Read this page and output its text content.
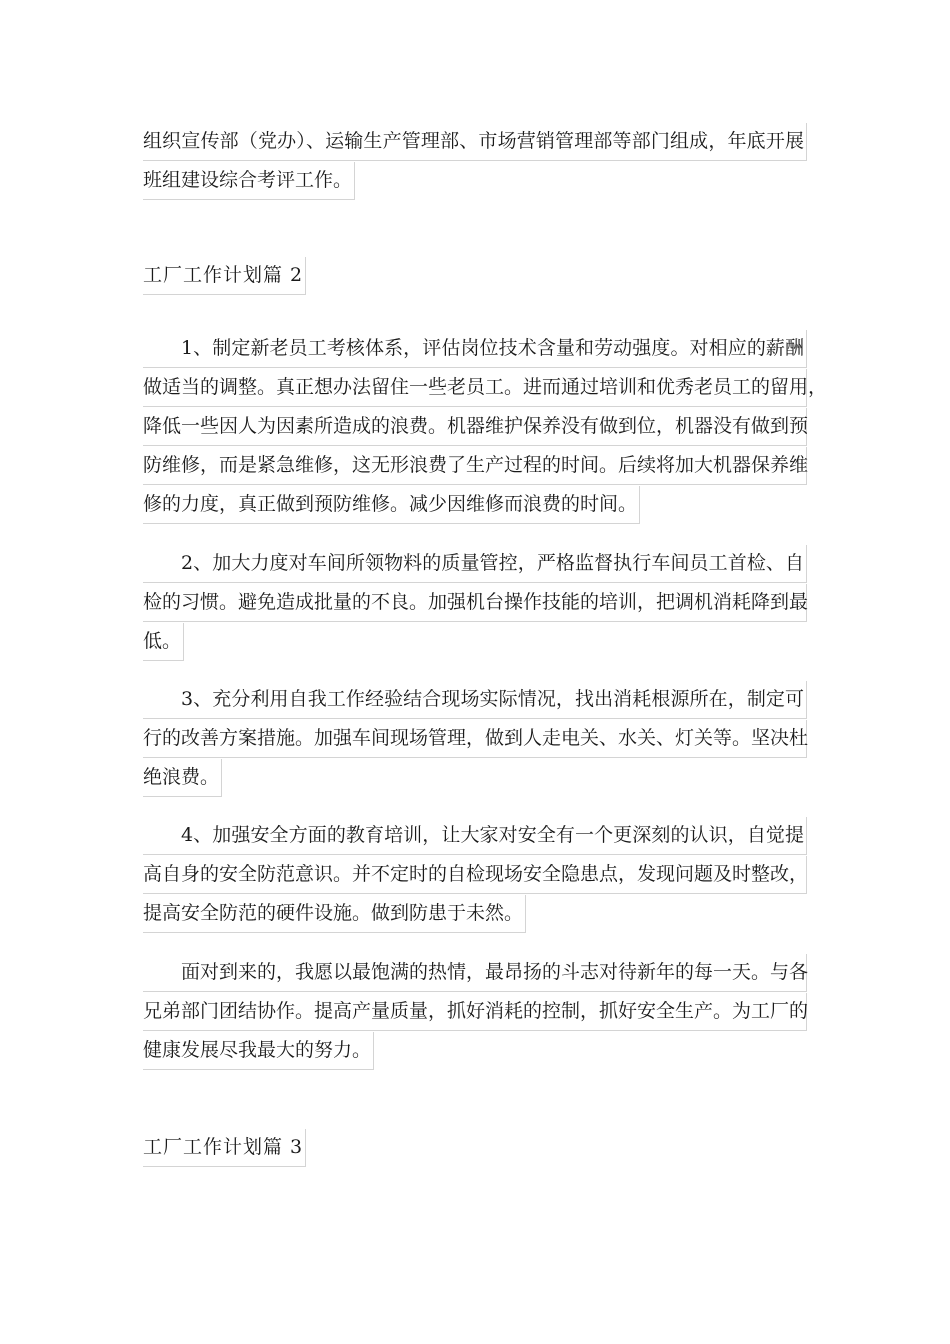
组织宣传部（党办）、运输生产管理部、市场营销管理部等部门组成，年底开展
班组建设综合考评工作。
工厂工作计划篇 2
1、制定新老员工考核体系，评估岗位技术含量和劳动强度。对相应的薪酬
做适当的调整。真正想办法留住一些老员工。进而通过培训和优秀老员工的留用，
降低一些因人为因素所造成的浪费。机器维护保养没有做到位，机器没有做到预
防维修，而是紧急维修，这无形浪费了生产过程的时间。后续将加大机器保养维
修的力度，真正做到预防维修。减少因维修而浪费的时间。
2、加大力度对车间所领物料的质量管控，严格监督执行车间员工首检、自
检的习惯。避免造成批量的不良。加强机台操作技能的培训，把调机消耗降到最
低。
3、充分利用自我工作经验结合现场实际情况，找出消耗根源所在，制定可
行的改善方案措施。加强车间现场管理，做到人走电关、水关、灯关等。坚决杜
绝浪费。
4、加强安全方面的教育培训，让大家对安全有一个更深刻的认识，自觉提
高自身的安全防范意识。并不定时的自检现场安全隐患点，发现问题及时整改，
提高安全防范的硬件设施。做到防患于未然。
面对到来的，我愿以最饱满的热情，最昂扬的斗志对待新年的每一天。与各
兄弟部门团结协作。提高产量质量，抓好消耗的控制，抓好安全生产。为工厂的
健康发展尽我最大的努力。
工厂工作计划篇 3
